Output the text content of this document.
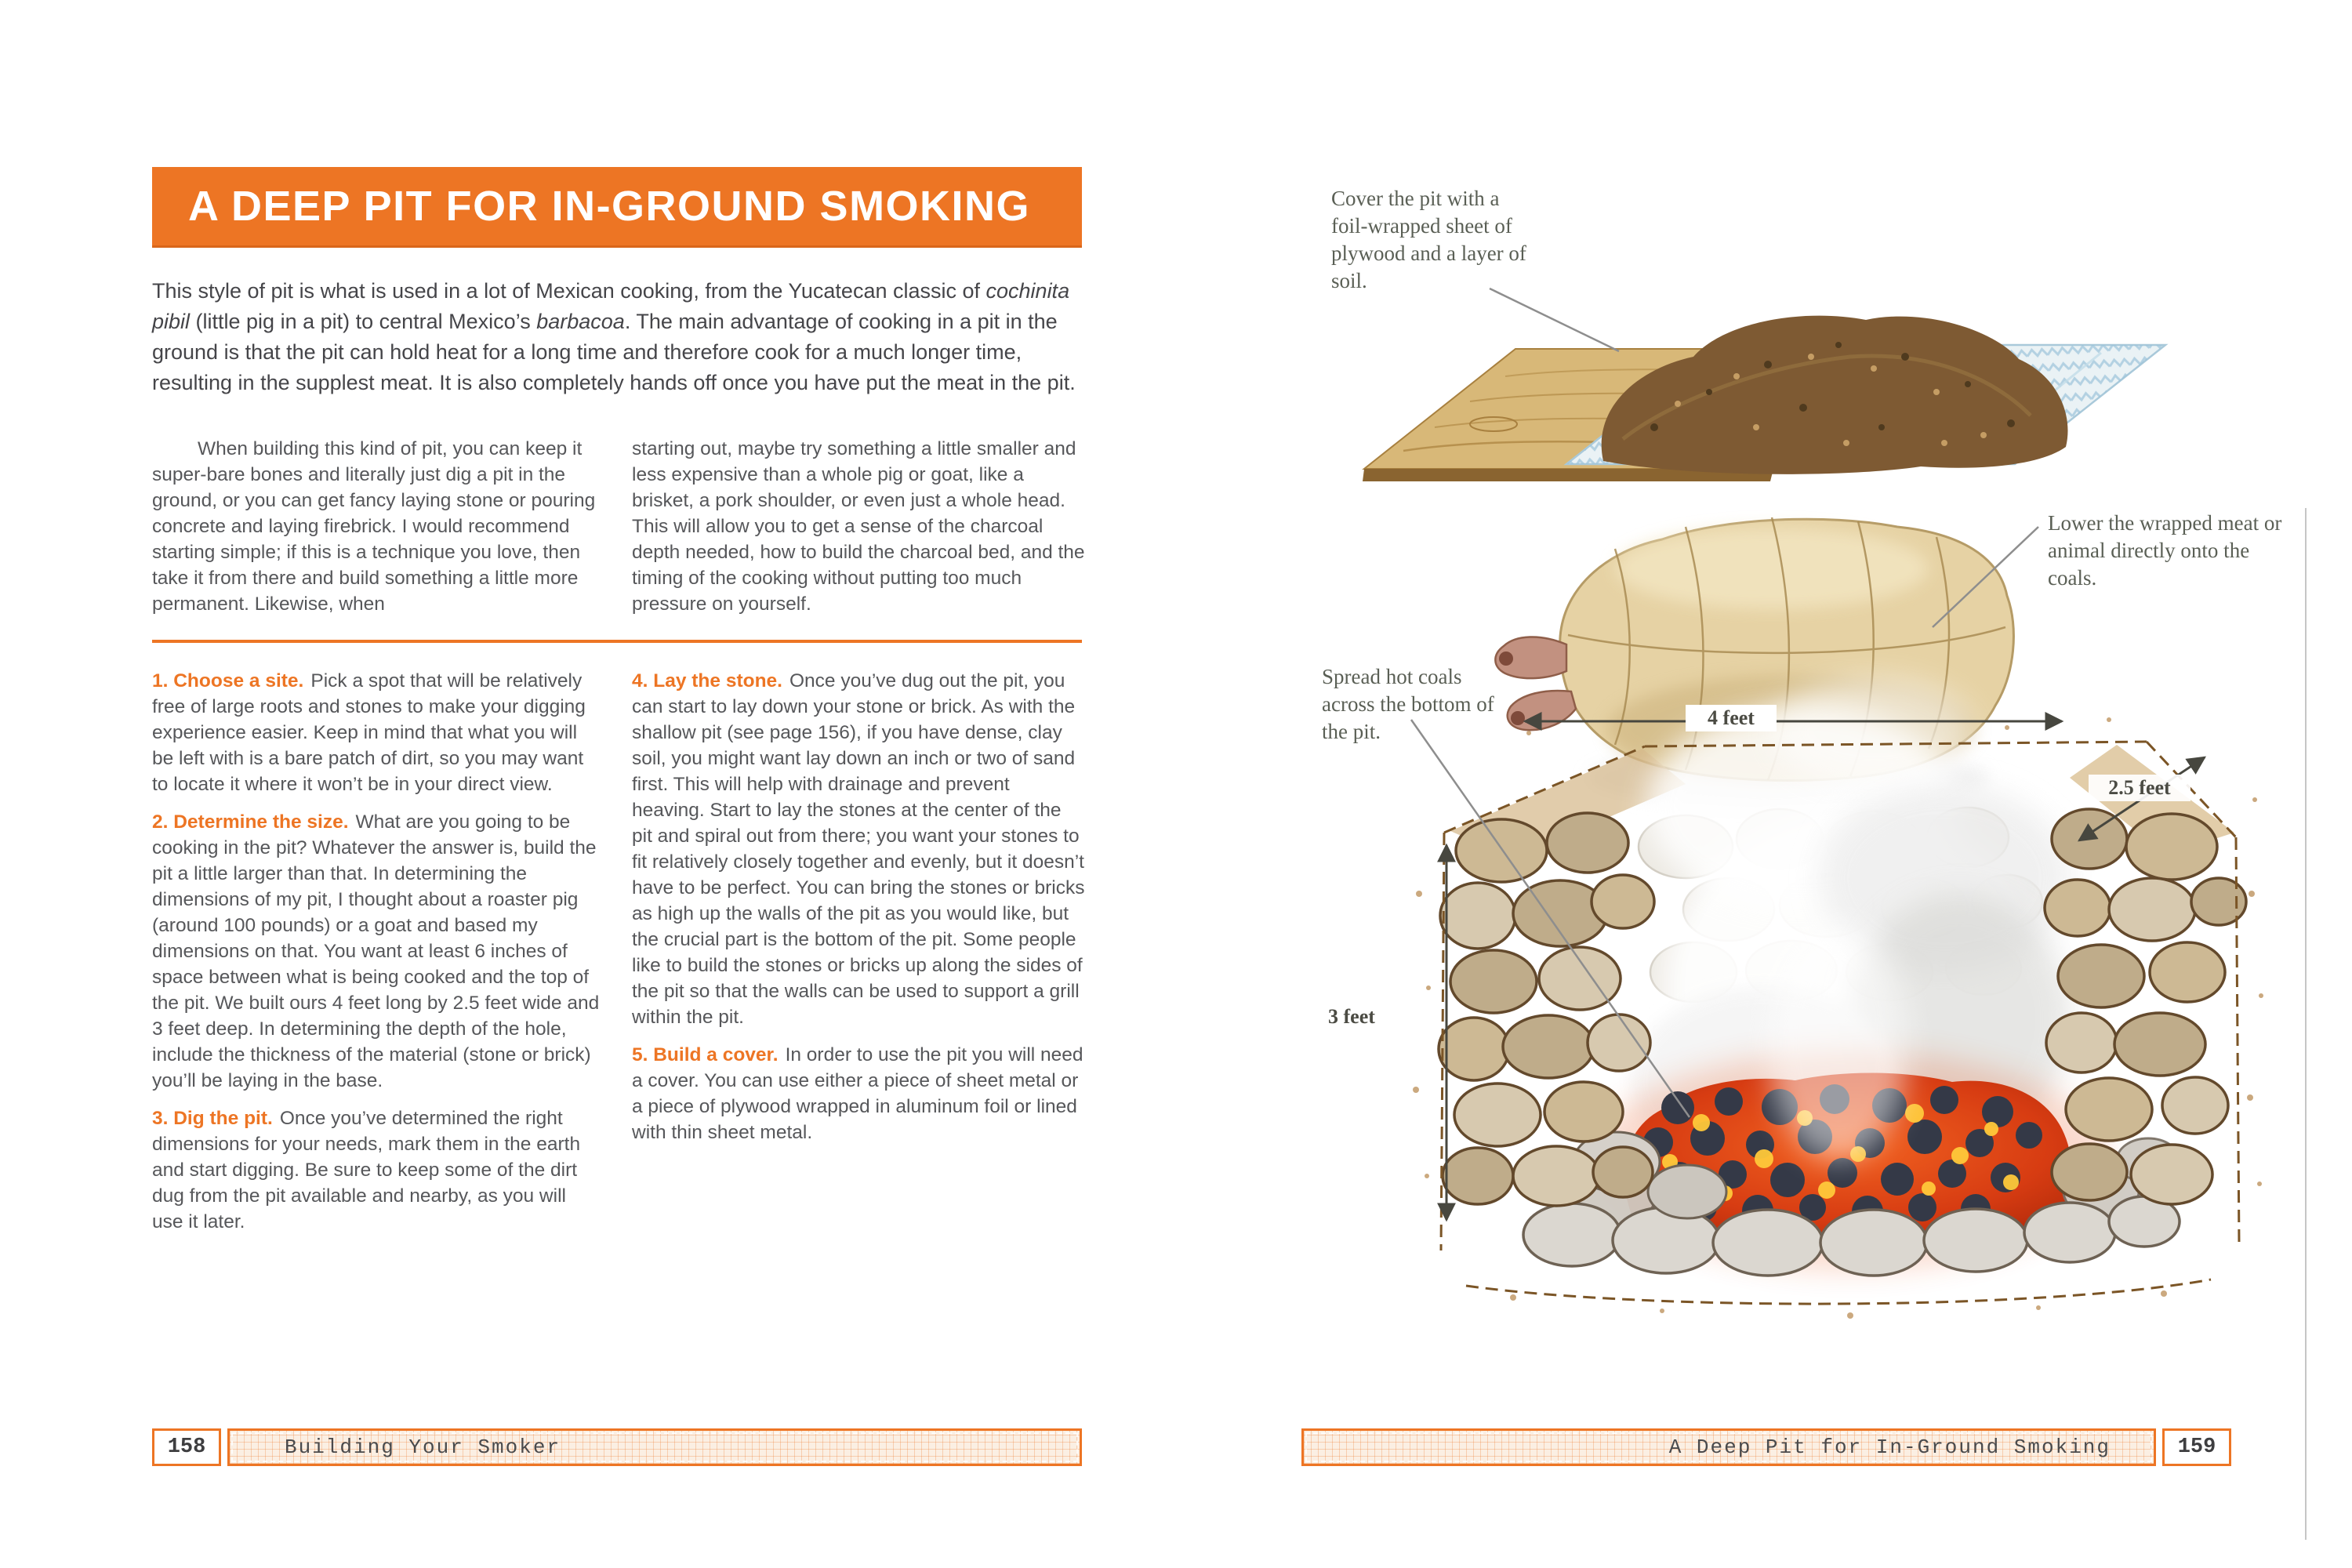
A DEEP PIT FOR IN-GROUND SMOKING
This style of pit is what is used in a lot of Mexican cooking, from the Yucatecan classic of cochinita pibil (little pig in a pit) to central Mexico’s barbacoa. The main advantage of cooking in a pit in the ground is that the pit can hold heat for a long time and therefore cook for a much longer time, resulting in the supplest meat. It is also completely hands off once you have put the meat in the pit.
When building this kind of pit, you can keep it super-bare bones and literally just dig a pit in the ground, or you can get fancy laying stone or pouring concrete and laying firebrick. I would recommend starting simple; if this is a technique you love, then take it from there and build something a little more permanent. Likewise, when
starting out, maybe try something a little smaller and less expensive than a whole pig or goat, like a brisket, a pork shoulder, or even just a whole head. This will allow you to get a sense of the charcoal depth needed, how to build the charcoal bed, and the timing of the cooking without putting too much pressure on yourself.

1. Choose a site. Pick a spot that will be relatively free of large roots and stones to make your digging experience easier. Keep in mind that what you will be left with is a bare patch of dirt, so you may want to locate it where it won’t be in your direct view.

2. Determine the size. What are you going to be cooking in the pit? Whatever the answer is, build the pit a little larger than that. In determining the dimensions of my pit, I thought about a roaster pig (around 100 pounds) or a goat and based my dimensions on that. You want at least 6 inches of space between what is being cooked and the top of the pit. We built ours 4 feet long by 2.5 feet wide and 3 feet deep. In determining the depth of the hole, include the thickness of the material (stone or brick) you’ll be laying in the base.

3. Dig the pit. Once you’ve determined the right dimensions for your needs, mark them in the earth and start digging. Be sure to keep some of the dirt dug from the pit available and nearby, as you will use it later.

4. Lay the stone. Once you’ve dug out the pit, you can start to lay down your stone or brick. As with the shallow pit (see page 156), if you have dense, clay soil, you might want lay down an inch or two of sand first. This will help with drainage and prevent heaving. Start to lay the stones at the center of the pit and spiral out from there; you want your stones to fit relatively closely together and evenly, but it doesn’t have to be perfect. You can bring the stones or bricks as high up the walls of the pit as you would like, but the crucial part is the bottom of the pit. Some people like to build the stones or bricks up along the sides of the pit so that the walls can be used to support a grill within the pit.

5. Build a cover. In order to use the pit you will need a cover. You can use either a piece of sheet metal or a piece of plywood wrapped in aluminum foil or lined with thin sheet metal.

158	Building Your Smoker
Cover the pit with a foil-wrapped sheet of plywood and a layer of soil.
Lower the wrapped meat or animal directly onto the coals.
Spread hot coals across the bottom of the pit.
4 feet
2.5 feet
3 feet
A Deep Pit for In-Ground Smoking	159
